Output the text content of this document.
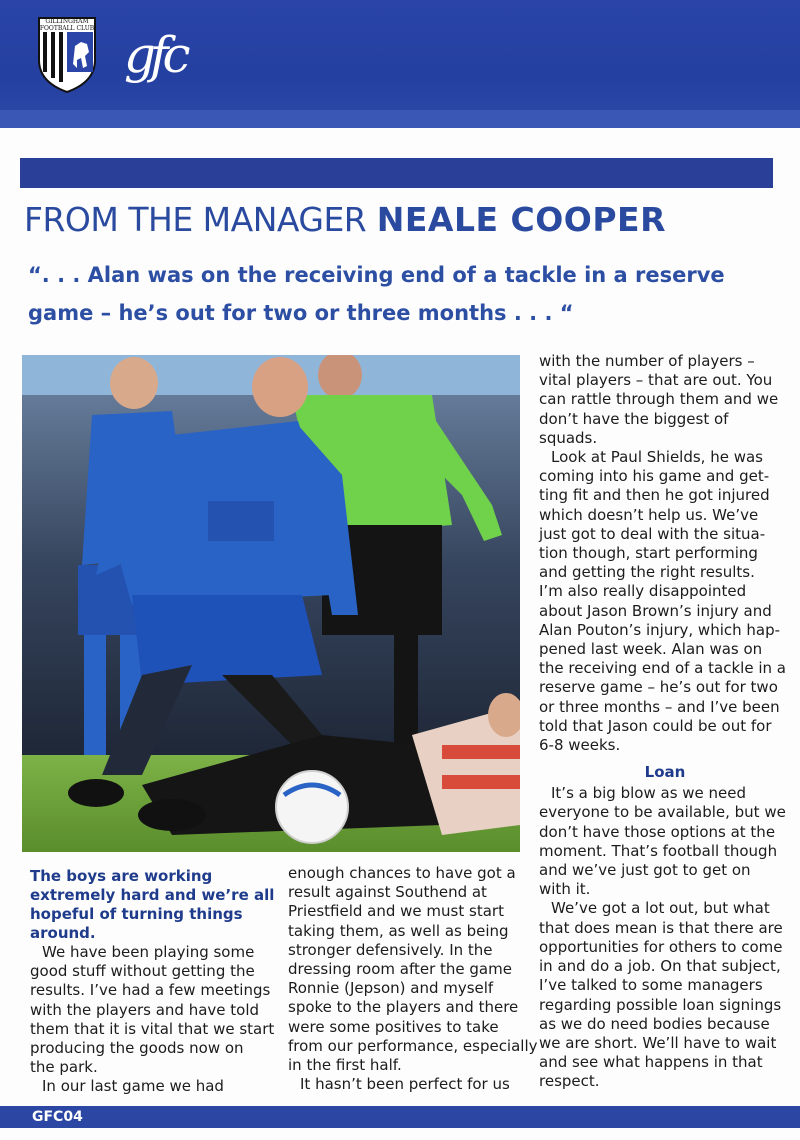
GILLINGHAM FOOTBALL CLUB gfc
FROM THE MANAGER NEALE COOPER
“. . . Alan was on the receiving end of a tackle in a reserve
game – he’s out for two or three months . . . “
The boys are working
extremely hard and we’re all
hopeful of turning things
around.
We have been playing some
good stuff without getting the
results. I’ve had a few meetings
with the players and have told
them that it is vital that we start
producing the goods now on
the park.
In our last game we had
enough chances to have got a
result against Southend at
Priestfield and we must start
taking them, as well as being
stronger defensively. In the
dressing room after the game
Ronnie (Jepson) and myself
spoke to the players and there
were some positives to take
from our performance, especially
in the first half.
It hasn’t been perfect for us
with the number of players –
vital players – that are out. You
can rattle through them and we
don’t have the biggest of
squads.
Look at Paul Shields, he was
coming into his game and get-
ting fit and then he got injured
which doesn’t help us. We’ve
just got to deal with the situa-
tion though, start performing
and getting the right results.
I’m also really disappointed
about Jason Brown’s injury and
Alan Pouton’s injury, which hap-
pened last week. Alan was on
the receiving end of a tackle in a
reserve game – he’s out for two
or three months – and I’ve been
told that Jason could be out for
6-8 weeks.
Loan
It’s a big blow as we need
everyone to be available, but we
don’t have those options at the
moment. That’s football though
and we’ve just got to get on
with it.
We’ve got a lot out, but what
that does mean is that there are
opportunities for others to come
in and do a job. On that subject,
I’ve talked to some managers
regarding possible loan signings
as we do need bodies because
we are short. We’ll have to wait
and see what happens in that
respect.
GFC04
